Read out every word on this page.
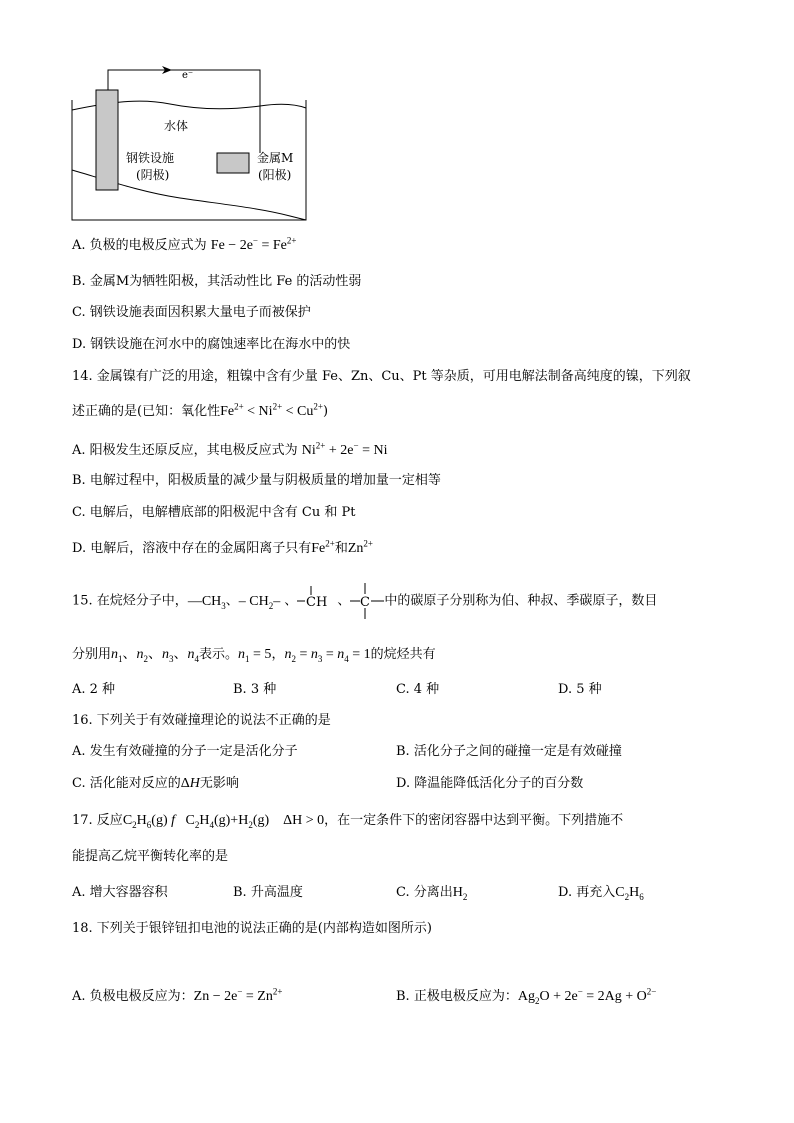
e⁻
水体
钢铁设施
(阴极)
金属M
(阳极)
A. 负极的电极反应式为 $Fe - 2e^- = Fe^{2+}$
B. 金属M为牺牲阳极，其活动性比 Fe 的活动性弱
C. 钢铁设施表面因积累大量电子而被保护
D. 钢铁设施在河水中的腐蚀速率比在海水中的快
14. 金属镍有广泛的用途，粗镍中含有少量 Fe、Zn、Cu、Pt 等杂质，可用电解法制备高纯度的镍，下列叙
述正确的是(已知：氧化性$Fe^{2+} < Ni^{2+} < Cu^{2+}$)
A. 阳极发生还原反应，其电极反应式为 $Ni^{2+} + 2e^- = Ni$
B. 电解过程中，阳极质量的减少量与阴极质量的增加量一定相等
C. 电解后，电解槽底部的阳极泥中含有 Cu 和 Pt
D. 电解后，溶液中存在的金属阳离子只有$Fe^{2+}$和$Zn^{2+}$
15. 在烷烃分子中，$—CH_3$、– $CH_2-$ 、 CH 、 C 中的碳原子分别称为伯、种叔、季碳原子，数目
分别用$n_1$、$n_2$、$n_3$、$n_4$表示。$n_1 = 5$，$n_2 = n_3 = n_4 = 1$的烷烃共有
A. 2 种	B. 3 种	C. 4 种	D. 5 种
16. 下列关于有效碰撞理论的说法不正确的是
A. 发生有效碰撞的分子一定是活化分子	B. 活化分子之间的碰撞一定是有效碰撞
C. 活化能对反应的ΔH无影响	D. 降温能降低活化分子的百分数
17. 反应$C_2H_6(g)$ f   $C_2H_4(g)+H_2(g)$    ΔH > 0，在一定条件下的密闭容器中达到平衡。下列措施不
能提高乙烷平衡转化率的是
A. 增大容器容积	B. 升高温度	C. 分离出$H_2$	D. 再充入$C_2H_6$
18. 下列关于银锌钮扣电池的说法正确的是(内部构造如图所示)
A. 负极电极反应为：$Zn - 2e^- = Zn^{2+}$	B. 正极电极反应为：$Ag_2O + 2e^- = 2Ag + O^{2-}$
